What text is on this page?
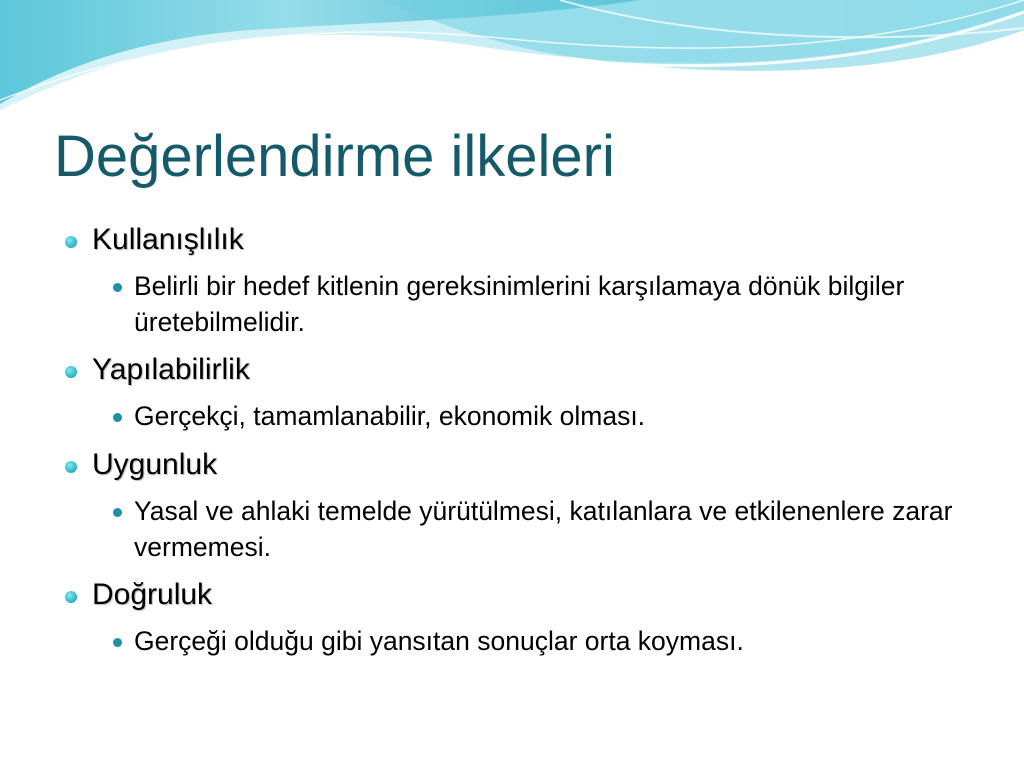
Değerlendirme ilkeleri
Kullanışlılık
Belirli bir hedef kitlenin gereksinimlerini karşılamaya dönük bilgiler üretebilmelidir.
Yapılabilirlik
Gerçekçi, tamamlanabilir, ekonomik olması.
Uygunluk
Yasal ve ahlaki temelde yürütülmesi, katılanlara ve etkilenenlere zarar vermemesi.
Doğruluk
Gerçeği olduğu gibi yansıtan sonuçlar orta koyması.
